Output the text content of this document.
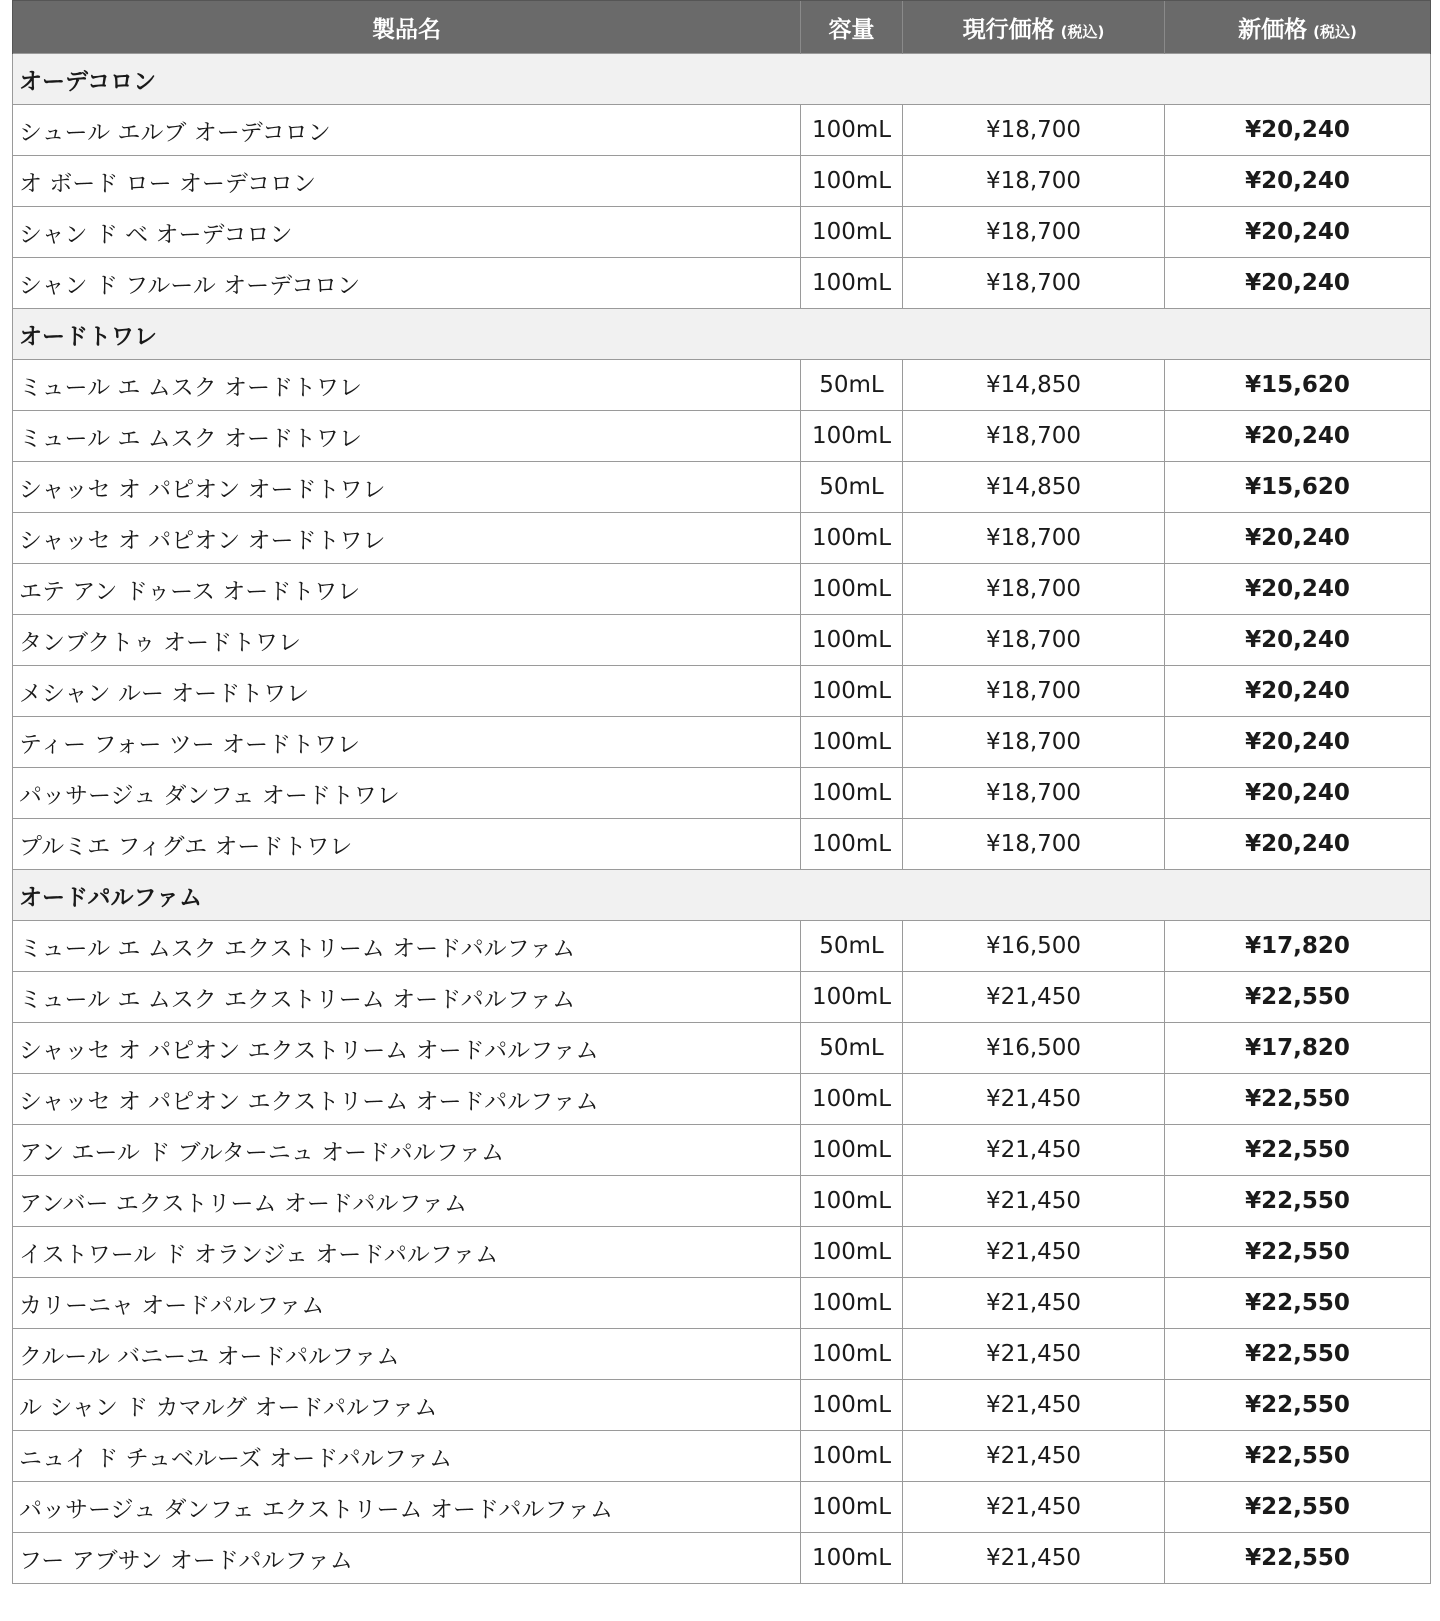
製品名	容量	現行価格 (税込)	新価格 (税込)
オーデコロン			
シュール エルブ オーデコロン	100mL	¥18,700	¥20,240
オ ボード ロー オーデコロン	100mL	¥18,700	¥20,240
シャン ド ベ オーデコロン	100mL	¥18,700	¥20,240
シャン ド フルール オーデコロン	100mL	¥18,700	¥20,240
オードトワレ			
ミュール エ ムスク オードトワレ	50mL	¥14,850	¥15,620
ミュール エ ムスク オードトワレ	100mL	¥18,700	¥20,240
シャッセ オ パピオン オードトワレ	50mL	¥14,850	¥15,620
シャッセ オ パピオン オードトワレ	100mL	¥18,700	¥20,240
エテ アン ドゥース オードトワレ	100mL	¥18,700	¥20,240
タンブクトゥ オードトワレ	100mL	¥18,700	¥20,240
メシャン ルー オードトワレ	100mL	¥18,700	¥20,240
ティー フォー ツー オードトワレ	100mL	¥18,700	¥20,240
パッサージュ ダンフェ オードトワレ	100mL	¥18,700	¥20,240
プルミエ フィグエ オードトワレ	100mL	¥18,700	¥20,240
オードパルファム			
ミュール エ ムスク エクストリーム オードパルファム	50mL	¥16,500	¥17,820
ミュール エ ムスク エクストリーム オードパルファム	100mL	¥21,450	¥22,550
シャッセ オ パピオン エクストリーム オードパルファム	50mL	¥16,500	¥17,820
シャッセ オ パピオン エクストリーム オードパルファム	100mL	¥21,450	¥22,550
アン エール ド ブルターニュ オードパルファム	100mL	¥21,450	¥22,550
アンバー エクストリーム オードパルファム	100mL	¥21,450	¥22,550
イストワール ド オランジェ オードパルファム	100mL	¥21,450	¥22,550
カリーニャ オードパルファム	100mL	¥21,450	¥22,550
クルール バニーユ オードパルファム	100mL	¥21,450	¥22,550
ル シャン ド カマルグ オードパルファム	100mL	¥21,450	¥22,550
ニュイ ド チュベルーズ オードパルファム	100mL	¥21,450	¥22,550
パッサージュ ダンフェ エクストリーム オードパルファム	100mL	¥21,450	¥22,550
フー アブサン オードパルファム	100mL	¥21,450	¥22,550
